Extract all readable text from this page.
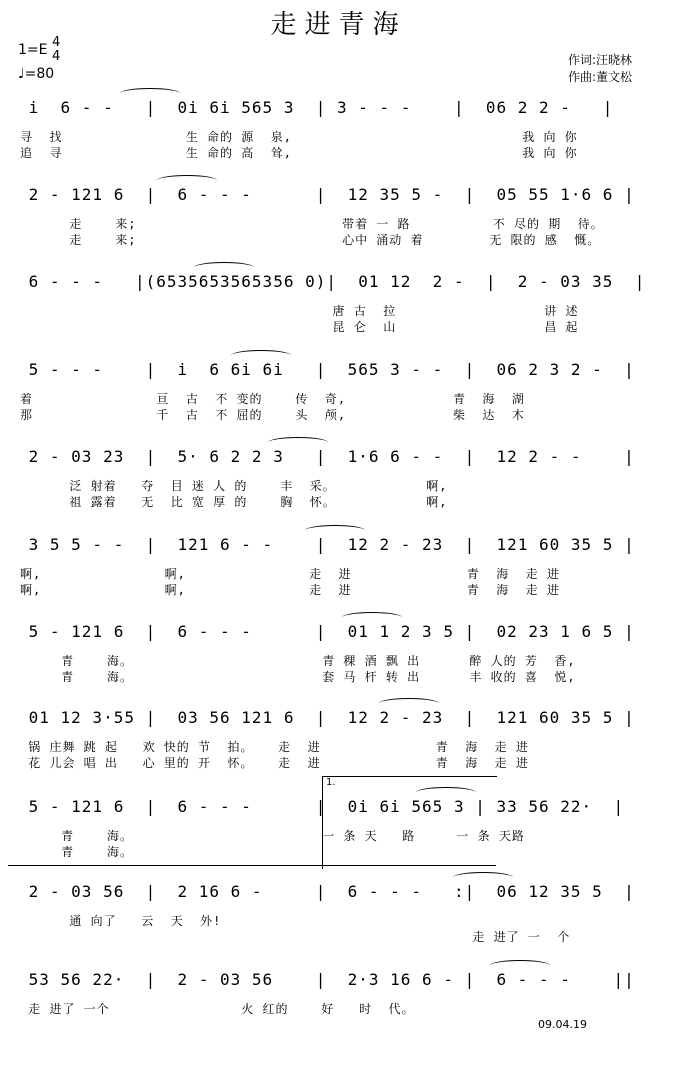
走进青海
1=E 4
4
♩=80
作词:汪晓林
作曲:董文松
i  6 - -   |  0i 6i 565 3  | 3 - - -    |  06 2 2 -   |
寻  找               生 命的 源  泉,                            我 向 你
追  寻               生 命的 高  耸,                            我 向 你
2 - 121 6  |  6 - - -      |  12 35 5 -  |  05 55 1·6 6 |
走    来;                         带着 一 路          不 尽的 期  待。
走    来;                         心中 涌动 着        无 限的 感  慨。
6 - - -   |(6535653565356 0)|  01 12  2 -  |  2 - 03 35  |
唐 古  拉                  讲 述
昆 仑  山                  昌 起
5 - - -    |  i  6 6i 6i   |  565 3 - -  |  06 2 3 2 -  |
着               亘  古  不 变的    传  奇,             青  海  湖
那               千  古  不 屈的    头  颅,             柴  达  木
2 - 03 23  |  5· 6 2 2 3   |  1·6 6 - -  |  12 2 - -    |
泛 射着   夺  目 迷 人 的    丰  采。           啊,
祖 露着   无  比 宽 厚 的    胸  怀。           啊,
3 5 5 - -  |  121 6 - -    |  12 2 - 23  |  121 60 35 5 |
啊,               啊,               走  进              青  海  走 进
啊,               啊,               走  进              青  海  走 进
5 - 121 6  |  6 - - -      |  01 1 2 3 5 |  02 23 1 6 5 |
青    海。                       青 稞 酒 飘 出      醉 人的 芳  香,
青    海。                       套 马 杆 转 出      丰 收的 喜  悦,
01 12 3·55 |  03 56 121 6  |  12 2 - 23  |  121 60 35 5 |
锅 庄舞 跳 起   欢 快的 节  拍。   走  进              青  海  走 进
花 儿会 唱 出   心 里的 开  怀。   走  进              青  海  走 进
5 - 121 6  |  6 - - -      |  0i 6i 565 3 | 33 56 22·  |
青    海。                       一 条 天   路     一 条 天路
青    海。
2 - 03 56  |  2 16 6 -     |  6 - - -   :|  06 12 35 5  |
通 向了   云  天  外!
走 进了 一  个
53 56 22·  |  2 - 03 56    |  2·3 16 6 - |  6 - - -    ||
走 进了 一个                火 红的    好   时  代。
1.
09.04.19
